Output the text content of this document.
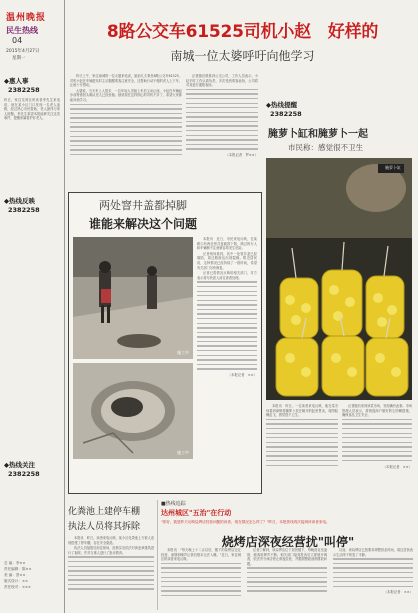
温州晚报
民生热线
04
2015年4月27日
星期一
◆惠人事
2382258
昨日，家住龙湾区的读者李先生来电说，他在某小区门口发现一名老人迷路，经过热心市民帮助，老人最终与家人团聚。李先生希望本报能够关注这类事件，提醒家属看护好老人。
◆热线反映
2382258
◆热线关注
2382258
总 编：李××
责任编辑：陈××
美 编：蔡××
版式设计：××
责任校对：×××
8路公交车61525司机小赵　好样的
南城一位太婆呼吁向他学习

昨日上午，家住南城的一位太婆来电说，她前几天乘坐8路公交车61525，司机小赵在车辆进站时主动提醒乘客注意安全，还帮助行动不便的老人上下车，让她十分感动。

太婆说，当天车上人很多，一位年轻人见她上车后主动让座，小赵在车辆起步前特意回头确认老人已经坐稳。她说现在这样细心的司机不多了，希望大家都能向他学习。

记者随后联系到公交公司，工作人员表示，小赵平时工作认真负责，多次受到乘客表扬，公司将对其进行通报表扬。

（本报记者　罗××）
◆热线提醒
2382258
腌萝卜缸和腌萝卜一起
市民称：感觉很不卫生
腌萝卜缸

本报讯　昨日，一位读者来电反映，他在菜市场看到商贩将腌萝卜放在敞开的缸里售卖，周围蚊蝇乱飞，感觉很不卫生。

记者随后来到该菜市场，发现确有此事。市场管理人员表示，将督促商户做好防尘防蝇措施，确保食品卫生安全。

（本报记者　××）
两处窨井盖都掉脚
谁能来解决这个问题
施工中
施工中

本报讯　近日，市民来电反映，在某路口有两处窨井盖破损下陷，路过的行人和车辆稍不注意就容易发生危险。

记者现场看到，其中一处窨井盖已经塌陷，周边路面也出现裂缝。附近居民说，这种情况已经持续了一段时间，希望有关部门尽快修复。

记者已将情况反映给相关部门，对方表示将尽快派人前往查看处理。

（本报记者　××）
化粪池上建停车棚
执法人员将其拆除

本报讯　昨日，读者来电反映，某小区化粪池上方被人违规搭建了停车棚，存在安全隐患。

执法人员接报后前往现场，经核实后依法对该违章建筑进行了拆除，并对当事人进行了批评教育。

■热线追踪
达州城区"五治"在行动
"你好，我是昨天反映烧烤店经营问题的读者，现在情况怎么样了？"昨日，本报热线再次接到该读者来电。
烧烤店深夜经营扰"叫停"

本报讯　"每天晚上十二点以后，楼下的烧烤店还在经营，油烟和噪声让我们根本无法入睡。"近日，家住城区的读者来电反映。

记者了解到，该烧烤店位于居民楼下，每晚营业至凌晨，顾客喧哗声不断。相关部门接到投诉后立即展开调查，依法责令该店停止深夜经营，并限期整改油烟排放问题。

目前，该烧烤店已按要求调整营业时间，周边居民表示生活终于恢复了平静。

（本报记者　××）
